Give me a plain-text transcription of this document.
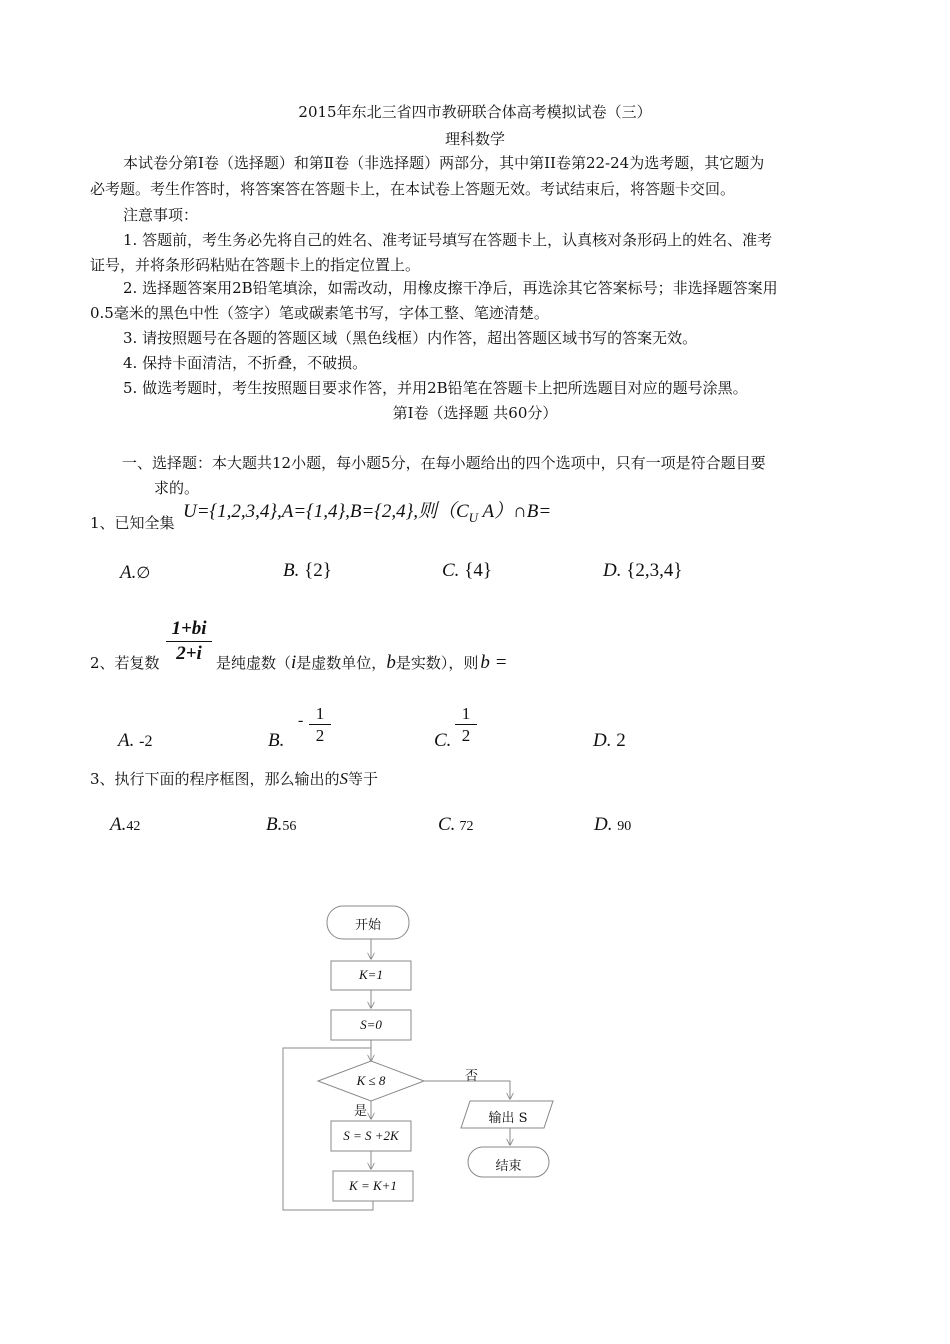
2015年东北三省四市教研联合体高考模拟试卷（三）
理科数学
本试卷分第Ⅰ卷（选择题）和第Ⅱ卷（非选择题）两部分，其中第II卷第22-24为选考题，其它题为
必考题。考生作答时，将答案答在答题卡上，在本试卷上答题无效。考试结束后，将答题卡交回。
注意事项：
1. 答题前，考生务必先将自己的姓名、准考证号填写在答题卡上，认真核对条形码上的姓名、准考
证号，并将条形码粘贴在答题卡上的指定位置上。
2. 选择题答案用2B铅笔填涂，如需改动，用橡皮擦干净后，再选涂其它答案标号；非选择题答案用
0.5毫米的黑色中性（签字）笔或碳素笔书写，字体工整、笔迹清楚。
3. 请按照题号在各题的答题区域（黑色线框）内作答，超出答题区域书写的答案无效。
4. 保持卡面清洁，不折叠，不破损。
5. 做选考题时，考生按照题目要求作答，并用2B铅笔在答题卡上把所选题目对应的题号涂黑。
第Ⅰ卷（选择题 共60分）
一、选择题：本大题共12小题，每小题5分，在每小题给出的四个选项中，只有一项是符合题目要
求的。
1、已知全集
U={1,2,3,4},A={1,4},B={2,4},则（$C_U$ A）∩B=
A.∅	B. {2}	C. {4}	D. {2,3,4}
2、若复数 $\frac{1+bi}{2+i}$ 是纯虚数（i是虚数单位，b是实数），则 b =
A. -2	B.
- $\frac{1}{2}$	C. $\frac{1}{2}$	D. 2
3、执行下面的程序框图，那么输出的S等于
A.42	B.56	C. 72	D. 90
开始
K=1
S=0
K ≤ 8
是
否
S = S +2K
K = K+1
输出 S
结束
